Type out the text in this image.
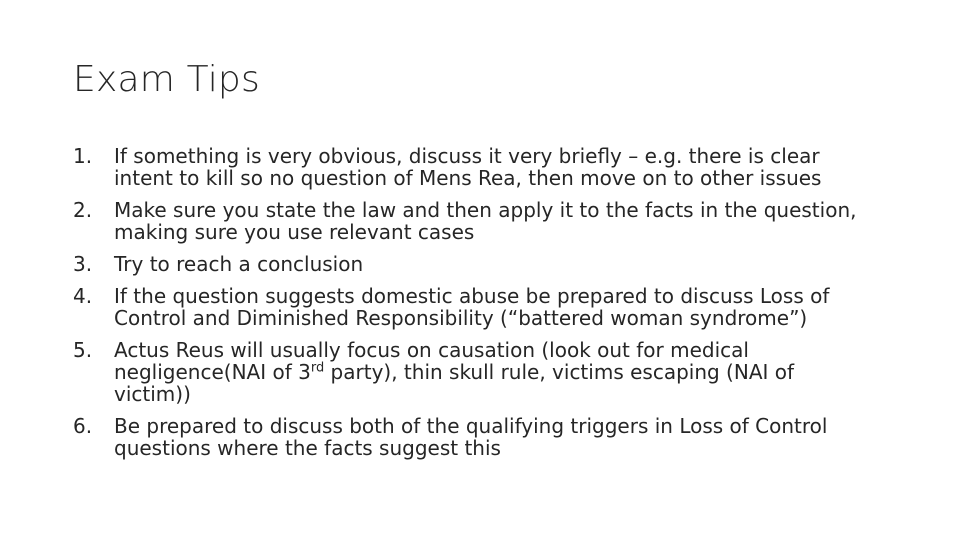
Exam Tips
1.	If something is very obvious, discuss it very briefly – e.g. there is clear intent to kill so no question of Mens Rea, then move on to other issues
2.	Make sure you state the law and then apply it to the facts in the question, making sure you use relevant cases
3.	Try to reach a conclusion
4.	If the question suggests domestic abuse be prepared to discuss Loss of Control and Diminished Responsibility (“battered woman syndrome”)
5.	Actus Reus will usually focus on causation (look out for medical negligence(NAI of 3rd party), thin skull rule, victims escaping (NAI of victim))
6.	Be prepared to discuss both of the qualifying triggers in Loss of Control questions where the facts suggest this
